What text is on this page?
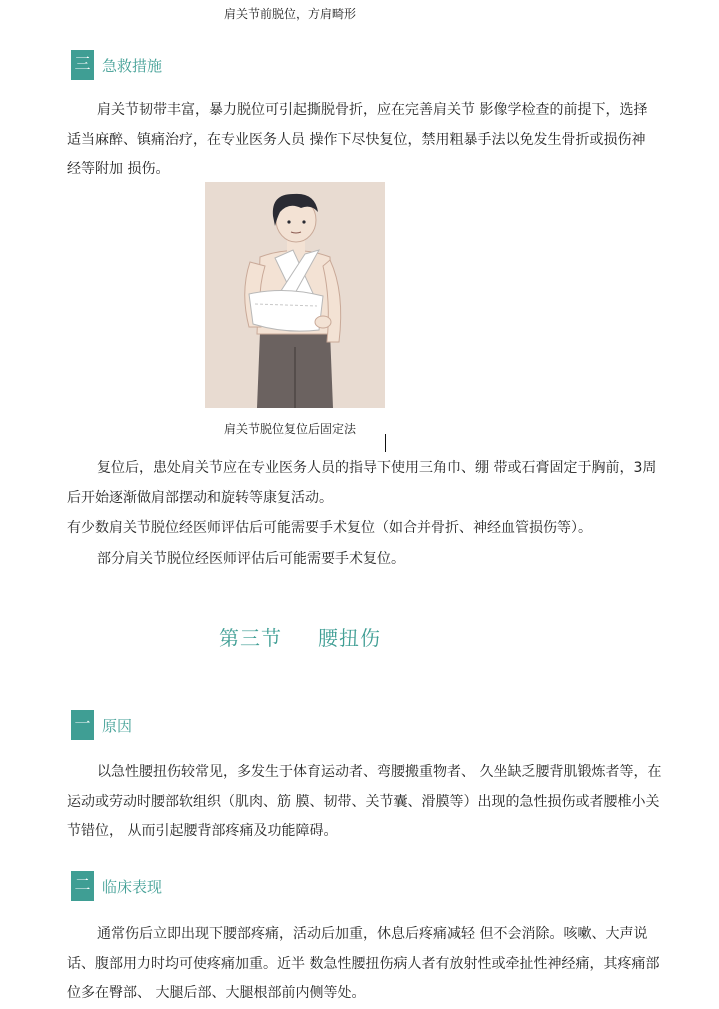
肩关节前脱位，方肩畸形
三 急救措施
肩关节韧带丰富，暴力脱位可引起撕脱骨折，应在完善肩关节 影像学检查的前提下，选择适当麻醉、镇痛治疗，在专业医务人员 操作下尽快复位，禁用粗暴手法以免发生骨折或损伤神经等附加 损伤。
肩关节脱位复位后固定法
复位后，患处肩关节应在专业医务人员的指导下使用三角巾、绷 带或石膏固定于胸前，3周后开始逐渐做肩部摆动和旋转等康复活动。
有少数肩关节脱位经医师评估后可能需要手术复位（如合并骨折、神经血管损伤等）。
部分肩关节脱位经医师评估后可能需要手术复位。
第三节 腰扭伤
一 原因
以急性腰扭伤较常见，多发生于体育运动者、弯腰搬重物者、 久坐缺乏腰背肌锻炼者等，在运动或劳动时腰部软组织（肌肉、筋 膜、韧带、关节囊、滑膜等）出现的急性损伤或者腰椎小关节错位， 从而引起腰背部疼痛及功能障碍。
二 临床表现
通常伤后立即出现下腰部疼痛，活动后加重，休息后疼痛减轻 但不会消除。咳嗽、大声说话、腹部用力时均可使疼痛加重。近半 数急性腰扭伤病人者有放射性或牵扯性神经痛，其疼痛部位多在臀部、 大腿后部、大腿根部前内侧等处。
